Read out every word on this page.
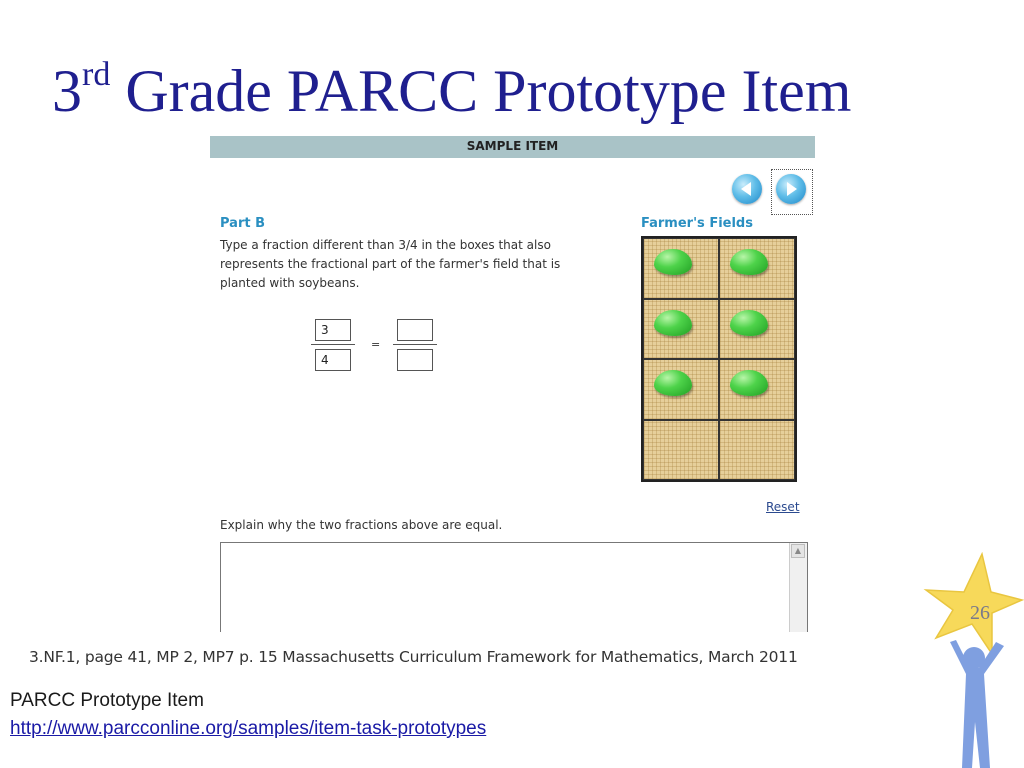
3rd Grade PARCC Prototype Item
SAMPLE ITEM
Part B

Type a fraction different than 3/4 in the boxes that also represents the fractional part of the farmer's field that is planted with soybeans.

3
4
=
Farmer's Fields
Reset
Explain why the two fractions above are equal.
▲

3.NF.1, page 41, MP 2, MP7 p. 15 Massachusetts Curriculum Framework for Mathematics, March 2011

PARCC Prototype Item

http://www.parcconline.org/samples/item-task-prototypes
26
